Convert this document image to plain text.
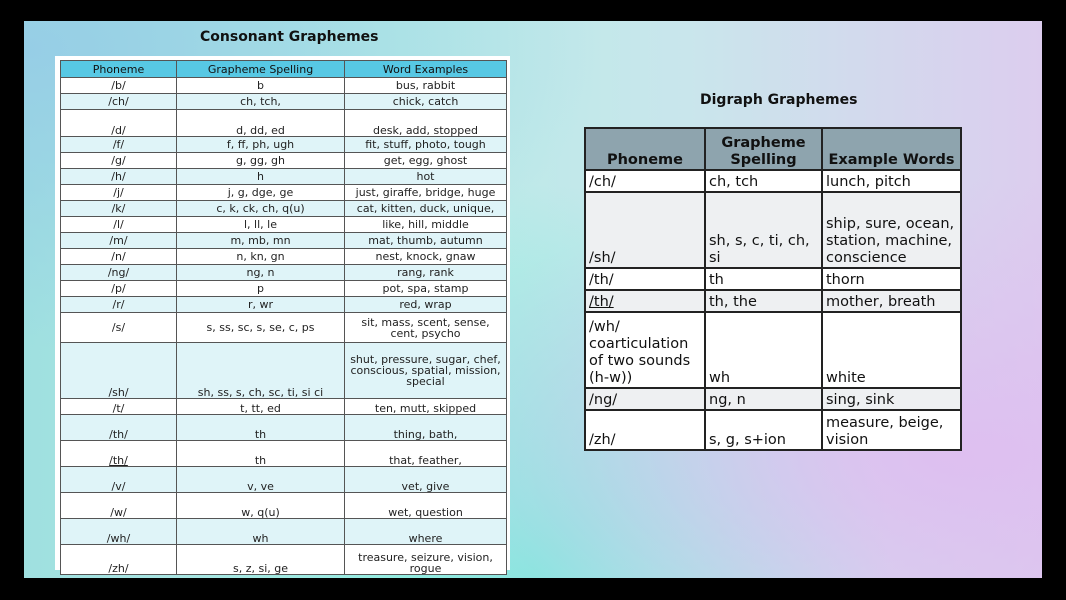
Consonant Graphemes
Phoneme	Grapheme Spelling	Word Examples
/b/	b	bus, rabbit
/ch/	ch, tch,	chick, catch
/d/	d, dd, ed	desk, add, stopped
/f/	f, ff, ph, ugh	fit, stuff, photo, tough
/g/	g, gg, gh	get, egg, ghost
/h/	h	hot
/j/	j, g, dge, ge	just, giraffe, bridge, huge
/k/	c, k, ck, ch, q(u)	cat, kitten, duck, unique,
/l/	l, ll, le	like, hill, middle
/m/	m, mb, mn	mat, thumb, autumn
/n/	n, kn, gn	nest, knock, gnaw
/ng/	ng, n	rang, rank
/p/	p	pot, spa, stamp
/r/	r, wr	red, wrap
/s/	s, ss, sc, s, se, c, ps	sit, mass, scent, sense, cent, psycho
/sh/	sh, ss, s, ch, sc, ti, si ci	shut, pressure, sugar, chef, conscious, spatial, mission, special
/t/	t, tt, ed	ten, mutt, skipped
/th/	th	thing, bath,
/th/	th	that, feather,
/v/	v, ve	vet, give
/w/	w, q(u)	wet, question
/wh/	wh	where
/zh/	s, z, si, ge	treasure, seizure, vision, rogue
Digraph Graphemes
Phoneme	Grapheme Spelling	Example Words
/ch/	ch, tch	lunch, pitch
/sh/	sh, s, c, ti, ch, si	ship, sure, ocean, station, machine, conscience
/th/	th	thorn
/th/	th, the	mother, breath
/wh/ coarticulation of two sounds (h-w))	wh	white
/ng/	ng, n	sing, sink
/zh/	s, g, s+ion	measure, beige, vision
